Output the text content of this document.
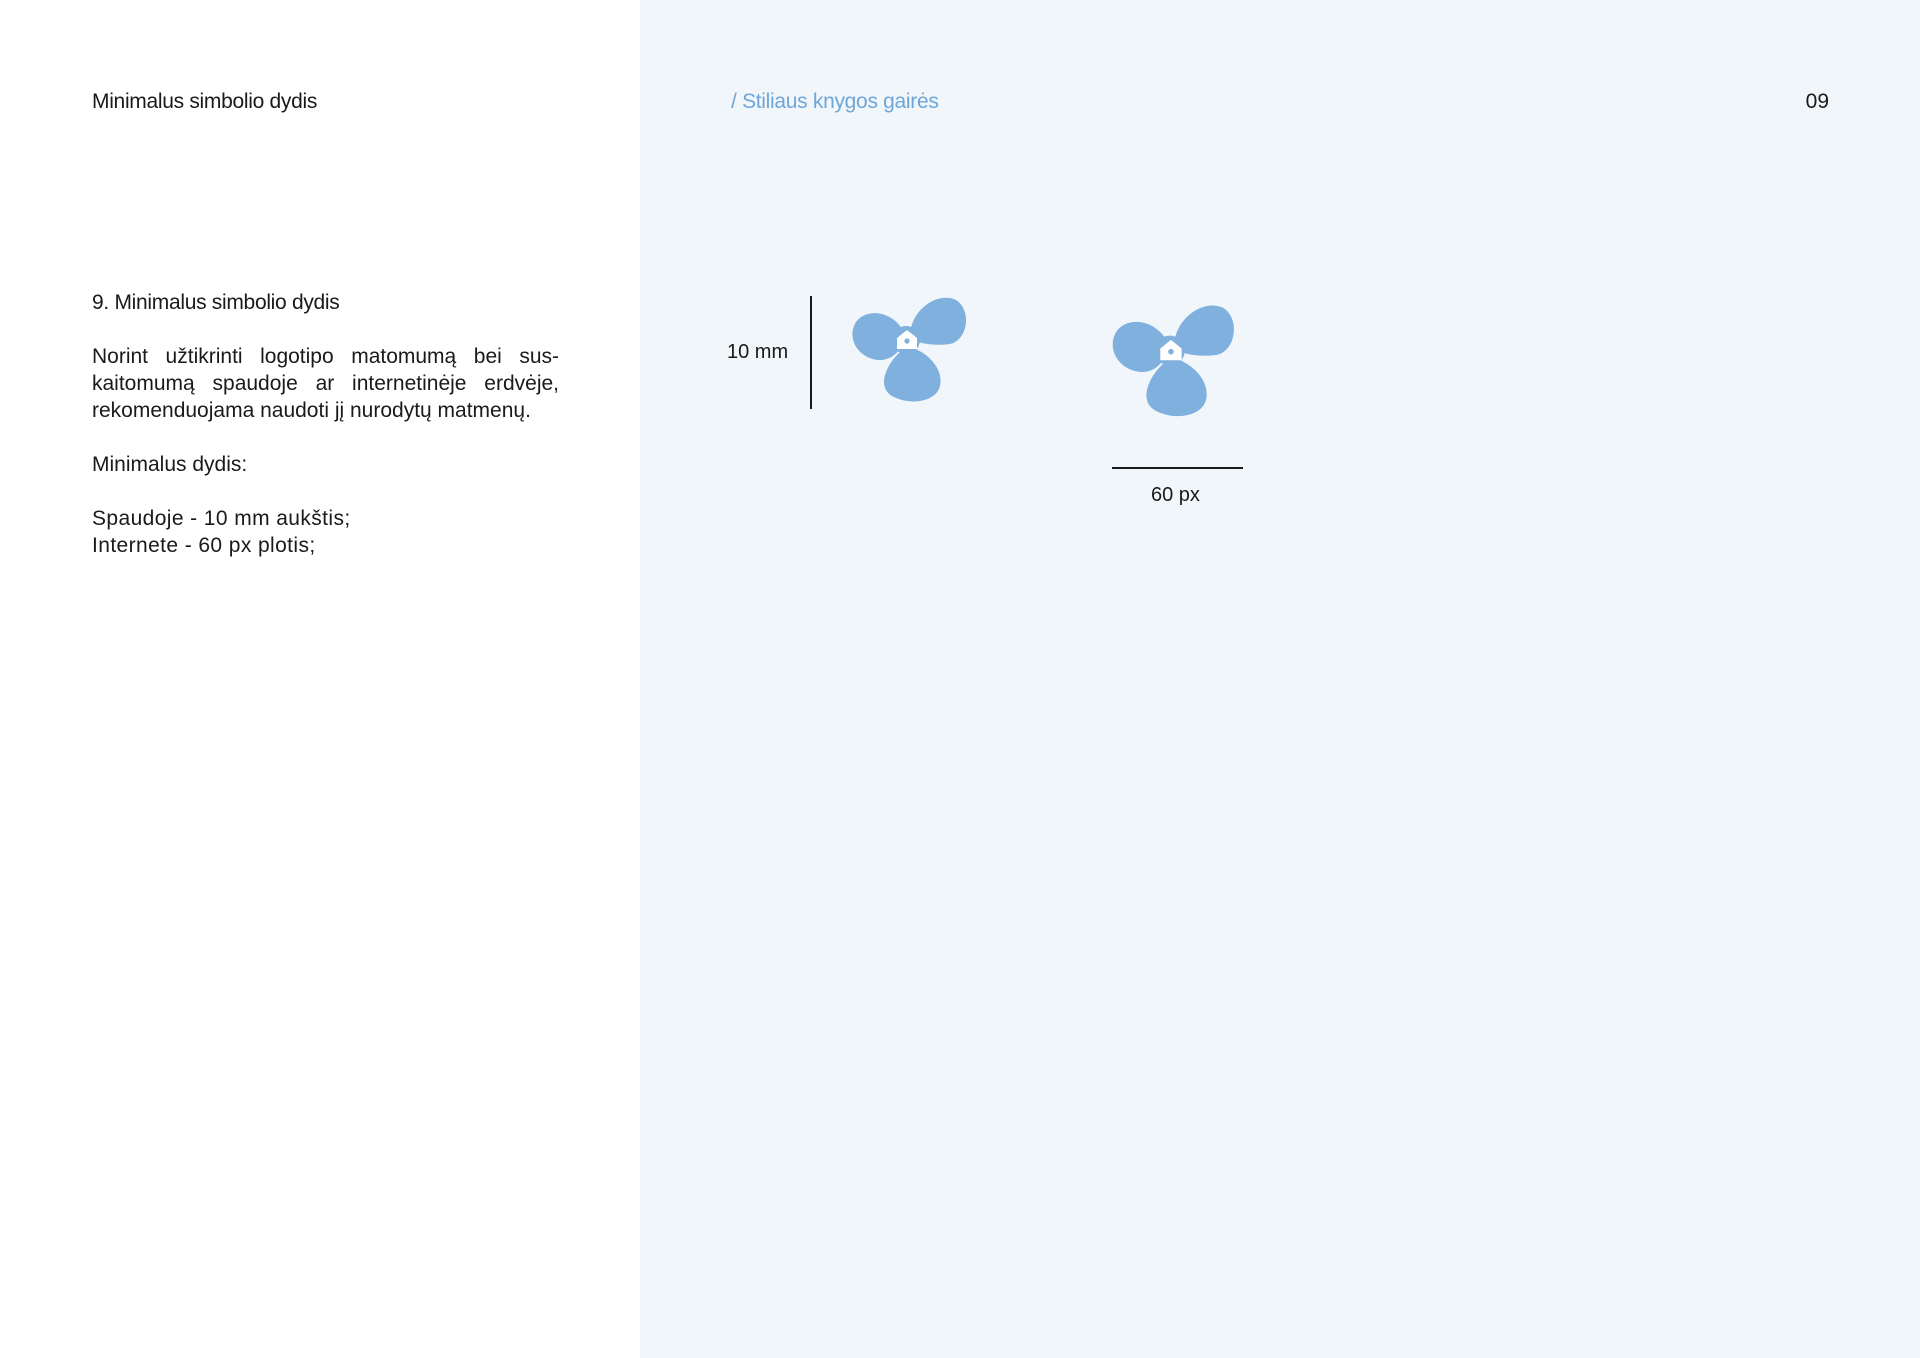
Minimalus simbolio dydis	/ Stiliaus knygos gairės	09

9. Minimalus simbolio dydis

Norint užtikrinti logotipo matomumą bei sus-kaitomumą spaudoje ar internetinėje erdvėje, rekomenduojama naudoti jį nurodytų matmenų.

Minimalus dydis:

Spaudoje - 10 mm aukštis;
Internete - 60 px plotis;
10 mm
60 px
